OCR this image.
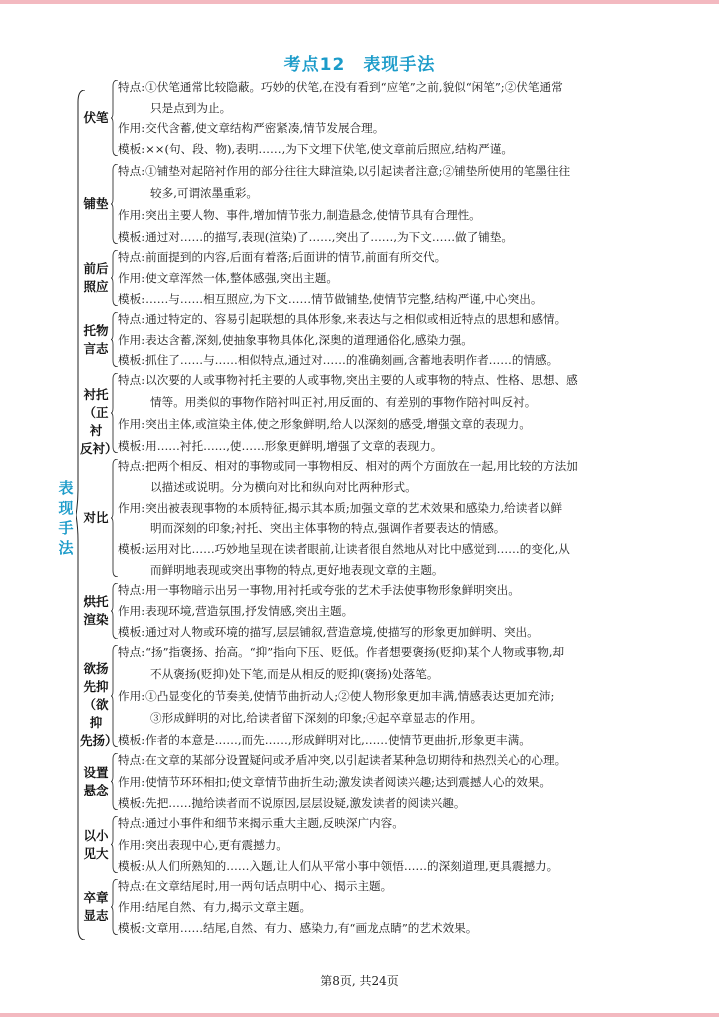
考点12　表现手法
表
现
手
法
伏笔
特点:①伏笔通常比较隐蔽。巧妙的伏笔,在没有看到“应笔”之前,貌似“闲笔”;②伏笔通常
只是点到为止。
作用:交代含蓄,使文章结构严密紧凑,情节发展合理。
模板:××(句、段、物),表明……,为下文埋下伏笔,使文章前后照应,结构严谨。
铺垫
特点:①铺垫对起陪衬作用的部分往往大肆渲染,以引起读者注意;②铺垫所使用的笔墨往往
较多,可谓浓墨重彩。
作用:突出主要人物、事件,增加情节张力,制造悬念,使情节具有合理性。
模板:通过对……的描写,表现(渲染)了……,突出了……,为下文……做了铺垫。
前后
照应
特点:前面提到的内容,后面有着落;后面讲的情节,前面有所交代。
作用:使文章浑然一体,整体感强,突出主题。
模板:……与……相互照应,为下文……情节做铺垫,使情节完整,结构严谨,中心突出。
托物
言志
特点:通过特定的、容易引起联想的具体形象,来表达与之相似或相近特点的思想和感情。
作用:表达含蓄,深刻,使抽象事物具体化,深奥的道理通俗化,感染力强。
模板:抓住了……与……相似特点,通过对……的准确刻画,含蓄地表明作者……的情感。
衬托
（正衬
反衬）
特点:以次要的人或事物衬托主要的人或事物,突出主要的人或事物的特点、性格、思想、感
情等。用类似的事物作陪衬叫正衬,用反面的、有差别的事物作陪衬叫反衬。
作用:突出主体,或渲染主体,使之形象鲜明,给人以深刻的感受,增强文章的表现力。
模板:用……衬托……,使……形象更鲜明,增强了文章的表现力。
对比
特点:把两个相反、相对的事物或同一事物相反、相对的两个方面放在一起,用比较的方法加
以描述或说明。分为横向对比和纵向对比两种形式。
作用:突出被表现事物的本质特征,揭示其本质;加强文章的艺术效果和感染力,给读者以鲜
明而深刻的印象;衬托、突出主体事物的特点,强调作者要表达的情感。
模板:运用对比……巧妙地呈现在读者眼前,让读者很自然地从对比中感觉到……的变化,从
而鲜明地表现或突出事物的特点,更好地表现文章的主题。
烘托
渲染
特点:用一事物暗示出另一事物,用衬托或夸张的艺术手法使事物形象鲜明突出。
作用:表现环境,营造氛围,抒发情感,突出主题。
模板:通过对人物或环境的描写,层层铺叙,营造意境,使描写的形象更加鲜明、突出。
欲扬
先抑
（欲抑
先扬）
特点:“扬”指褒扬、抬高。“抑”指向下压、贬低。作者想要褒扬(贬抑)某个人物或事物,却
不从褒扬(贬抑)处下笔,而是从相反的贬抑(褒扬)处落笔。
作用:①凸显变化的节奏美,使情节曲折动人;②使人物形象更加丰满,情感表达更加充沛;
③形成鲜明的对比,给读者留下深刻的印象;④起卒章显志的作用。
模板:作者的本意是……,而先……,形成鲜明对比,……使情节更曲折,形象更丰满。
设置
悬念
特点:在文章的某部分设置疑问或矛盾冲突,以引起读者某种急切期待和热烈关心的心理。
作用:使情节环环相扣;使文章情节曲折生动;激发读者阅读兴趣;达到震撼人心的效果。
模板:先把……抛给读者而不说原因,层层设疑,激发读者的阅读兴趣。
以小
见大
特点:通过小事件和细节来揭示重大主题,反映深广内容。
作用:突出表现中心,更有震撼力。
模板:从人们所熟知的……入题,让人们从平常小事中领悟……的深刻道理,更具震撼力。
卒章
显志
特点:在文章结尾时,用一两句话点明中心、揭示主题。
作用:结尾自然、有力,揭示文章主题。
模板:文章用……结尾,自然、有力、感染力,有“画龙点睛”的艺术效果。
第8页, 共24页
